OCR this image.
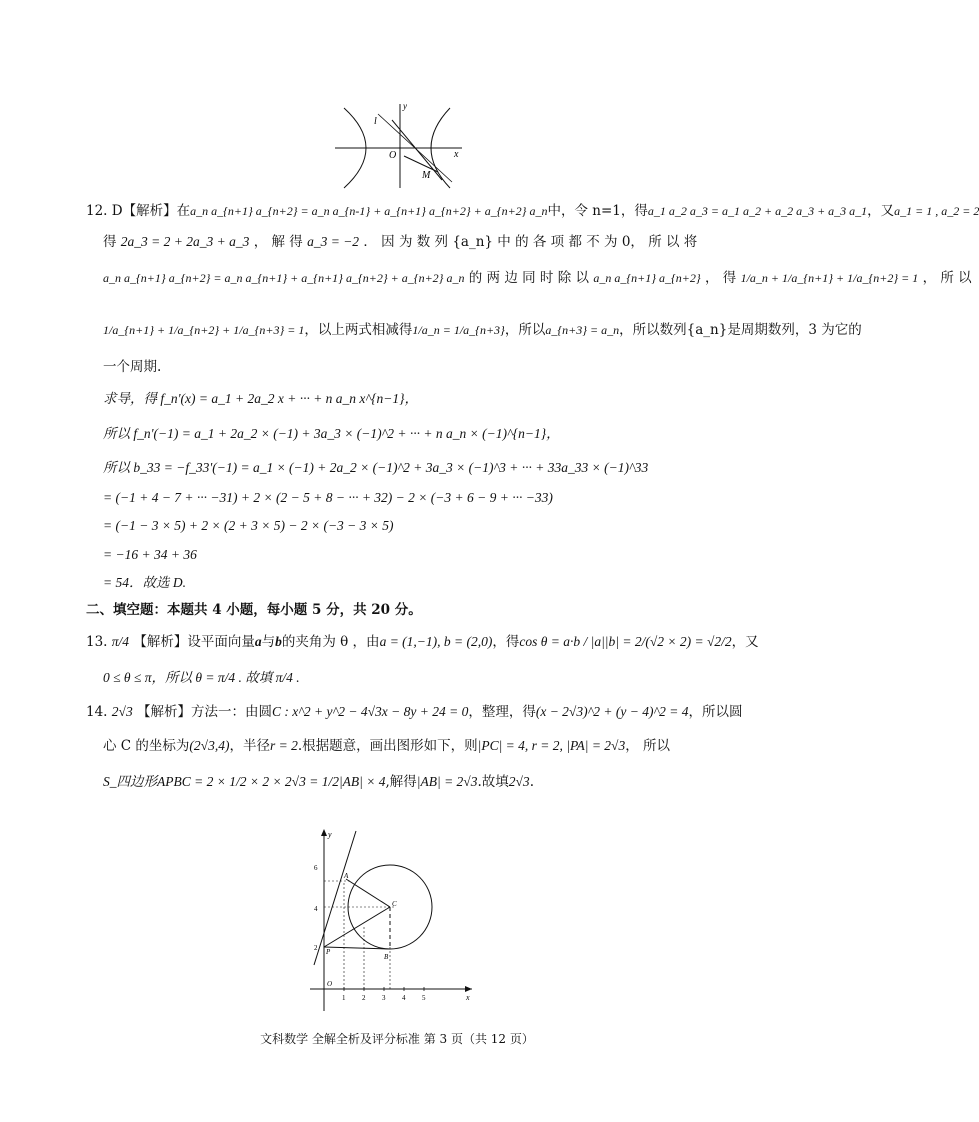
y
x
O
l
M
12. D【解析】在a_n a_{n+1} a_{n+2} = a_n a_{n-1} + a_{n+1} a_{n+2} + a_{n+2} a_n中，令 n=1，得a_1 a_2 a_3 = a_1 a_2 + a_2 a_3 + a_3 a_1，又a_1 = 1 , a_2 = 2
得 2a_3 = 2 + 2a_3 + a_3 ， 解 得 a_3 = −2 ． 因 为 数 列 {a_n} 中 的 各 项 都 不 为 0， 所 以 将
a_n a_{n+1} a_{n+2} = a_n a_{n+1} + a_{n+1} a_{n+2} + a_{n+2} a_n 的 两 边 同 时 除 以 a_n a_{n+1} a_{n+2} ， 得 1/a_n + 1/a_{n+1} + 1/a_{n+2} = 1 ， 所 以
1/a_{n+1} + 1/a_{n+2} + 1/a_{n+3} = 1，以上两式相减得1/a_n = 1/a_{n+3}，所以a_{n+3} = a_n，所以数列{a_n}是周期数列，3 为它的
一个周期.
求导，得 f_n'(x) = a_1 + 2a_2 x + ··· + n a_n x^{n−1}，
所以 f_n'(−1) = a_1 + 2a_2 × (−1) + 3a_3 × (−1)^2 + ··· + n a_n × (−1)^{n−1}，
所以 b_33 = −f_33'(−1) = a_1 × (−1) + 2a_2 × (−1)^2 + 3a_3 × (−1)^3 + ··· + 33a_33 × (−1)^33
= (−1 + 4 − 7 + ··· −31) + 2 × (2 − 5 + 8 − ··· + 32) − 2 × (−3 + 6 − 9 + ··· −33)
= (−1 − 3 × 5) + 2 × (2 + 3 × 5) − 2 × (−3 − 3 × 5)
= −16 + 34 + 36
= 54．故选 D.
二、填空题：本题共 4 小题，每小题 5 分，共 20 分。
13. π/4 【解析】设平面向量a与b的夹角为 θ ，由a = (1,−1), b = (2,0)，得cos θ = a·b / |a||b| = 2/(√2 × 2) = √2/2，又
0 ≤ θ ≤ π，所以 θ = π/4 . 故填 π/4 .
14. 2√3 【解析】方法一：由圆C : x^2 + y^2 − 4√3x − 8y + 24 = 0，整理，得(x − 2√3)^2 + (y − 4)^2 = 4，所以圆
心 C 的坐标为(2√3,4)，半径r = 2.根据题意，画出图形如下，则|PC| = 4, r = 2, |PA| = 2√3， 所以
S_四边形APBC = 2 × 1/2 × 2 × 2√3 = 1/2|AB| × 4,解得|AB| = 2√3.故填2√3.
1 2 3 4 5
6
4
2
y
x
O
A
C
P
B
文科数学 全解全析及评分标准 第 3 页（共 12 页）
